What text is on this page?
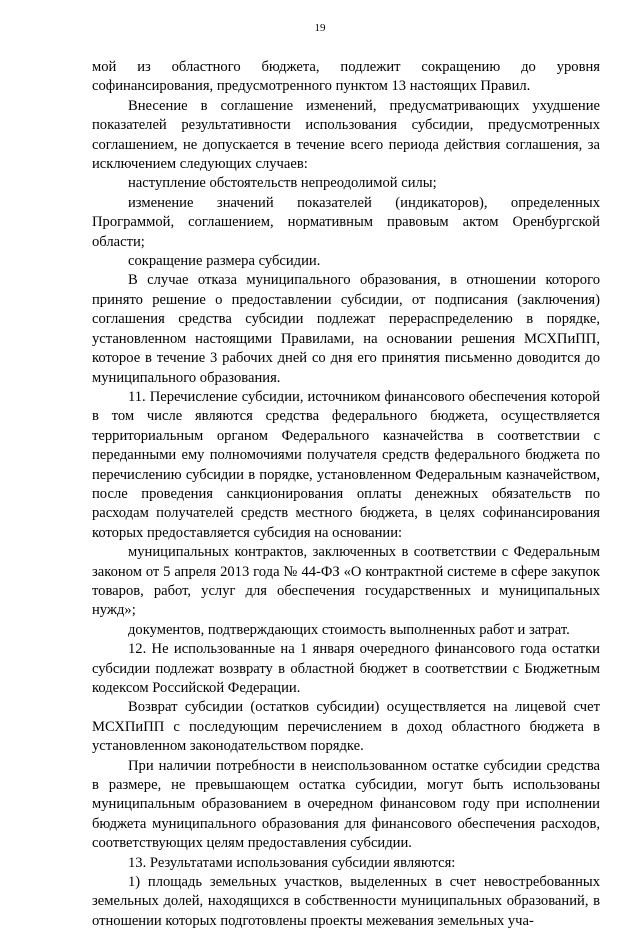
19

мой из областного бюджета, подлежит сокращению до уровня софинансирования, предусмотренного пунктом 13 настоящих Правил.

Внесение в соглашение изменений, предусматривающих ухудшение показателей результативности использования субсидии, предусмотренных соглашением, не допускается в течение всего периода действия соглашения, за исключением следующих случаев:

наступление обстоятельств непреодолимой силы;

изменение значений показателей (индикаторов), определенных Программой, соглашением, нормативным правовым актом Оренбургской области;

сокращение размера субсидии.

В случае отказа муниципального образования, в отношении которого принято решение о предоставлении субсидии, от подписания (заключения) соглашения средства субсидии подлежат перераспределению в порядке, установленном настоящими Правилами, на основании решения МСХПиПП, которое в течение 3 рабочих дней со дня его принятия письменно доводится до муниципального образования.

11. Перечисление субсидии, источником финансового обеспечения которой в том числе являются средства федерального бюджета, осуществляется территориальным органом Федерального казначейства в соответствии с переданными ему полномочиями получателя средств федерального бюджета по перечислению субсидии в порядке, установленном Федеральным казначейством, после проведения санкционирования оплаты денежных обязательств по расходам получателей средств местного бюджета, в целях софинансирования которых предоставляется субсидия на основании:

муниципальных контрактов, заключенных в соответствии с Федеральным законом от 5 апреля 2013 года № 44-ФЗ «О контрактной системе в сфере закупок товаров, работ, услуг для обеспечения государственных и муниципальных нужд»;

документов, подтверждающих стоимость выполненных работ и затрат.

12. Не использованные на 1 января очередного финансового года остатки субсидии подлежат возврату в областной бюджет в соответствии с Бюджетным кодексом Российской Федерации.

Возврат субсидии (остатков субсидии) осуществляется на лицевой счет МСХПиПП с последующим перечислением в доход областного бюджета в установленном законодательством порядке.

При наличии потребности в неиспользованном остатке субсидии средства в размере, не превышающем остатка субсидии, могут быть использованы муниципальным образованием в очередном финансовом году при исполнении бюджета муниципального образования для финансового обеспечения расходов, соответствующих целям предоставления субсидии.

13. Результатами использования субсидии являются:

1) площадь земельных участков, выделенных в счет невостребованных земельных долей, находящихся в собственности муниципальных образований, в отношении которых подготовлены проекты межевания земельных уча-
